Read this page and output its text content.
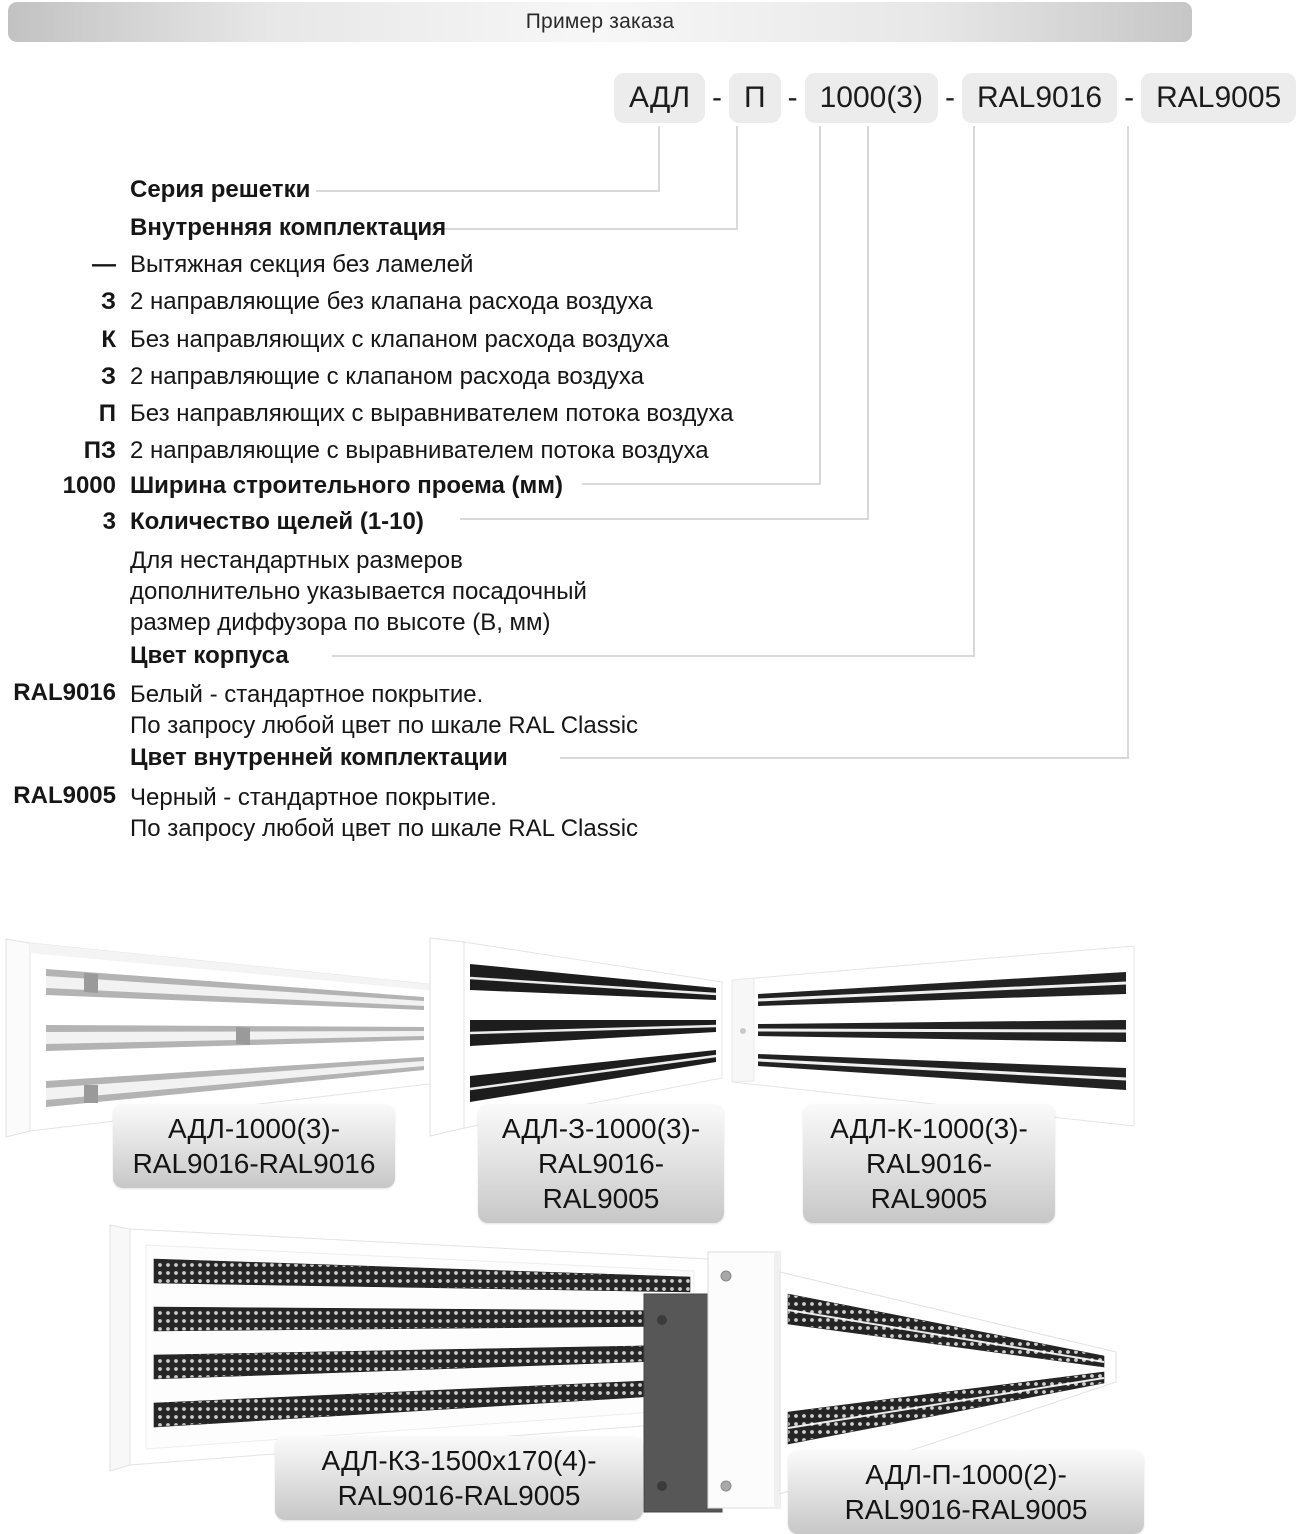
Пример заказа
АДЛ - П - 1000(3) - RAL9016 - RAL9005
Серия решетки
Внутренняя комплектация
— Вытяжная секция без ламелей
З 2 направляющие без клапана расхода воздуха
К Без направляющих с клапаном расхода воздуха
З 2 направляющие с клапаном расхода воздуха
П Без направляющих с выравнивателем потока воздуха
ПЗ 2 направляющие с выравнивателем потока воздуха
1000 Ширина строительного проема (мм)
3 Количество щелей (1-10)
Для нестандартных размеров
дополнительно указывается посадочный
размер диффузора по высоте (В, мм)
Цвет корпуса
RAL9016 Белый - стандартное покрытие.
По запросу любой цвет по шкале RAL Classic
Цвет внутренней комплектации
RAL9005 Черный - стандартное покрытие.
По запросу любой цвет по шкале RAL Classic
АДЛ-1000(3)-
RAL9016-RAL9016
АДЛ-З-1000(3)-
RAL9016-RAL9005
АДЛ-К-1000(3)-
RAL9016-RAL9005
АДЛ-КЗ-1500х170(4)-
RAL9016-RAL9005
АДЛ-П-1000(2)-
RAL9016-RAL9005
